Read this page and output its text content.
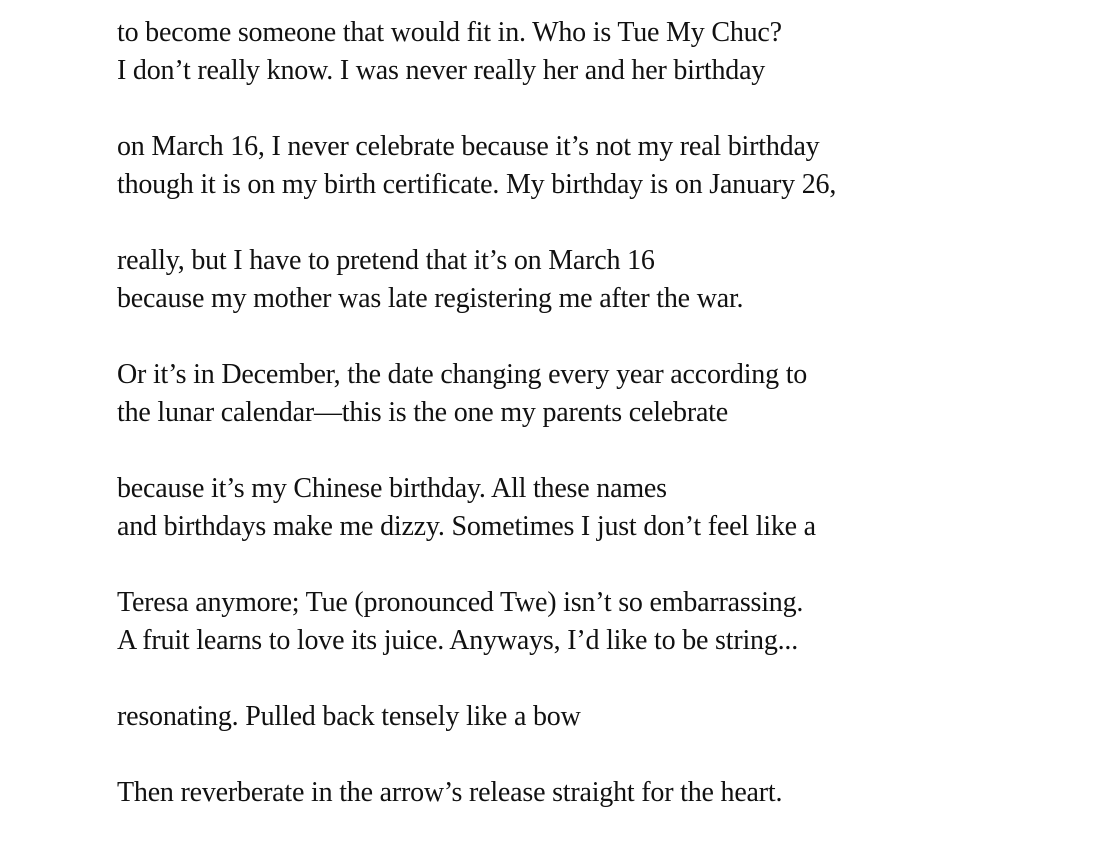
to become someone that would fit in. Who is Tue My Chuc?
I don’t really know. I was never really her and her birthday
on March 16, I never celebrate because it’s not my real birthday
though it is on my birth certificate. My birthday is on January 26,
really, but I have to pretend that it’s on March 16
because my mother was late registering me after the war.
Or it’s in December, the date changing every year according to
the lunar calendar—this is the one my parents celebrate
because it’s my Chinese birthday. All these names
and birthdays make me dizzy. Sometimes I just don’t feel like a
Teresa anymore; Tue (pronounced Twe) isn’t so embarrassing.
A fruit learns to love its juice. Anyways, I’d like to be string...
resonating. Pulled back tensely like a bow
Then reverberate in the arrow’s release straight for the heart.
